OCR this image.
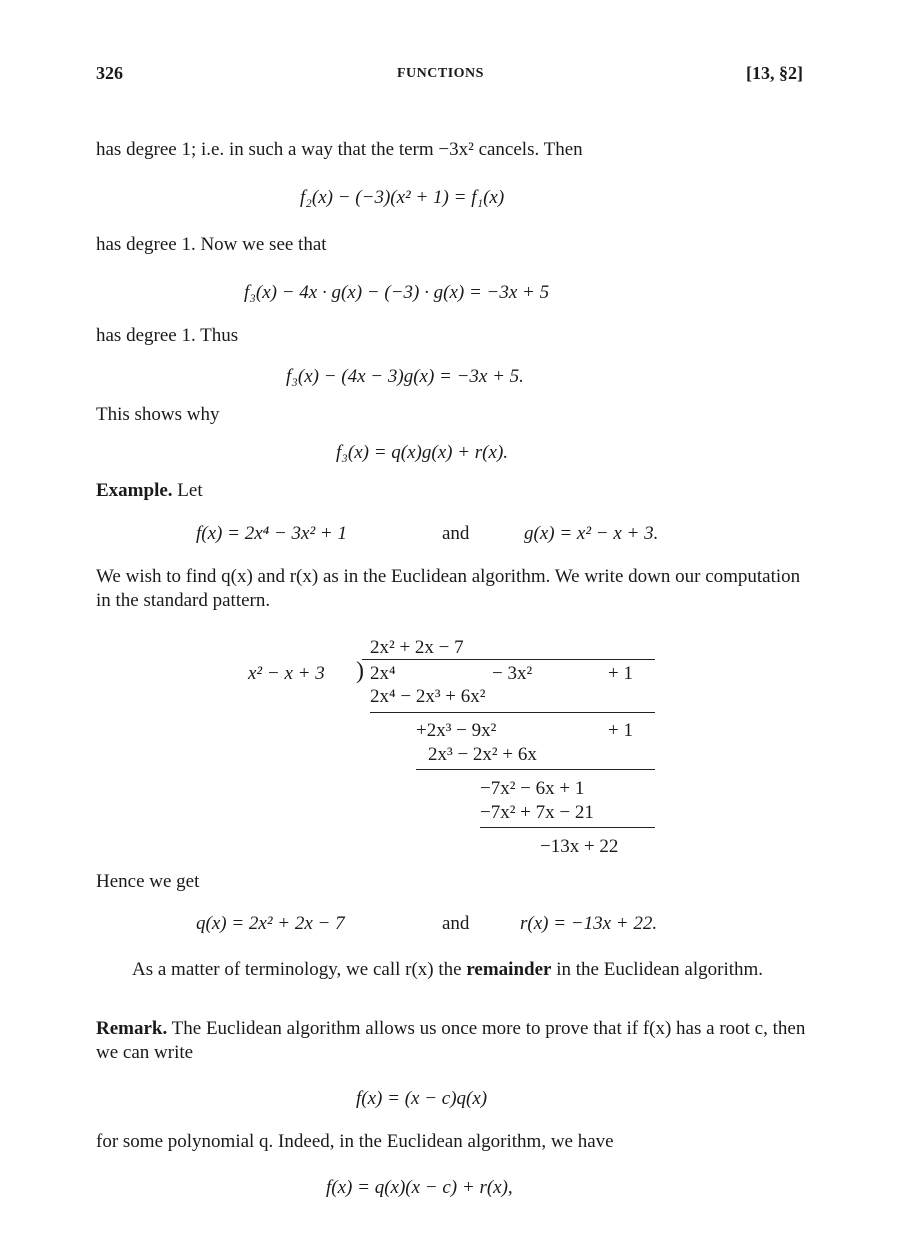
326	FUNCTIONS	[13, §2]
has degree 1; i.e. in such a way that the term −3x² cancels. Then
f₂(x) − (−3)(x² + 1) = f₁(x)
has degree 1. Now we see that
f₃(x) − 4x · g(x) − (−3) · g(x) = −3x + 5
has degree 1. Thus
f₃(x) − (4x − 3)g(x) = −3x + 5.
This shows why
f₃(x) = q(x)g(x) + r(x).
Example. Let
f(x) = 2x⁴ − 3x² + 1	and	g(x) = x² − x + 3.
We wish to find q(x) and r(x) as in the Euclidean algorithm. We write down our computation in the standard pattern.
2x² + 2x − 7
x² − x + 3 ) 2x⁴	− 3x²	+ 1
2x⁴ − 2x³ + 6x²
+2x³ − 9x²	+ 1
2x³ − 2x² + 6x
−7x² − 6x + 1
−7x² + 7x − 21
−13x + 22
Hence we get
q(x) = 2x² + 2x − 7	and	r(x) = −13x + 22.
As a matter of terminology, we call r(x) the remainder in the Euclidean algorithm.
Remark. The Euclidean algorithm allows us once more to prove that if f(x) has a root c, then we can write
f(x) = (x − c)q(x)
for some polynomial q. Indeed, in the Euclidean algorithm, we have
f(x) = q(x)(x − c) + r(x),
